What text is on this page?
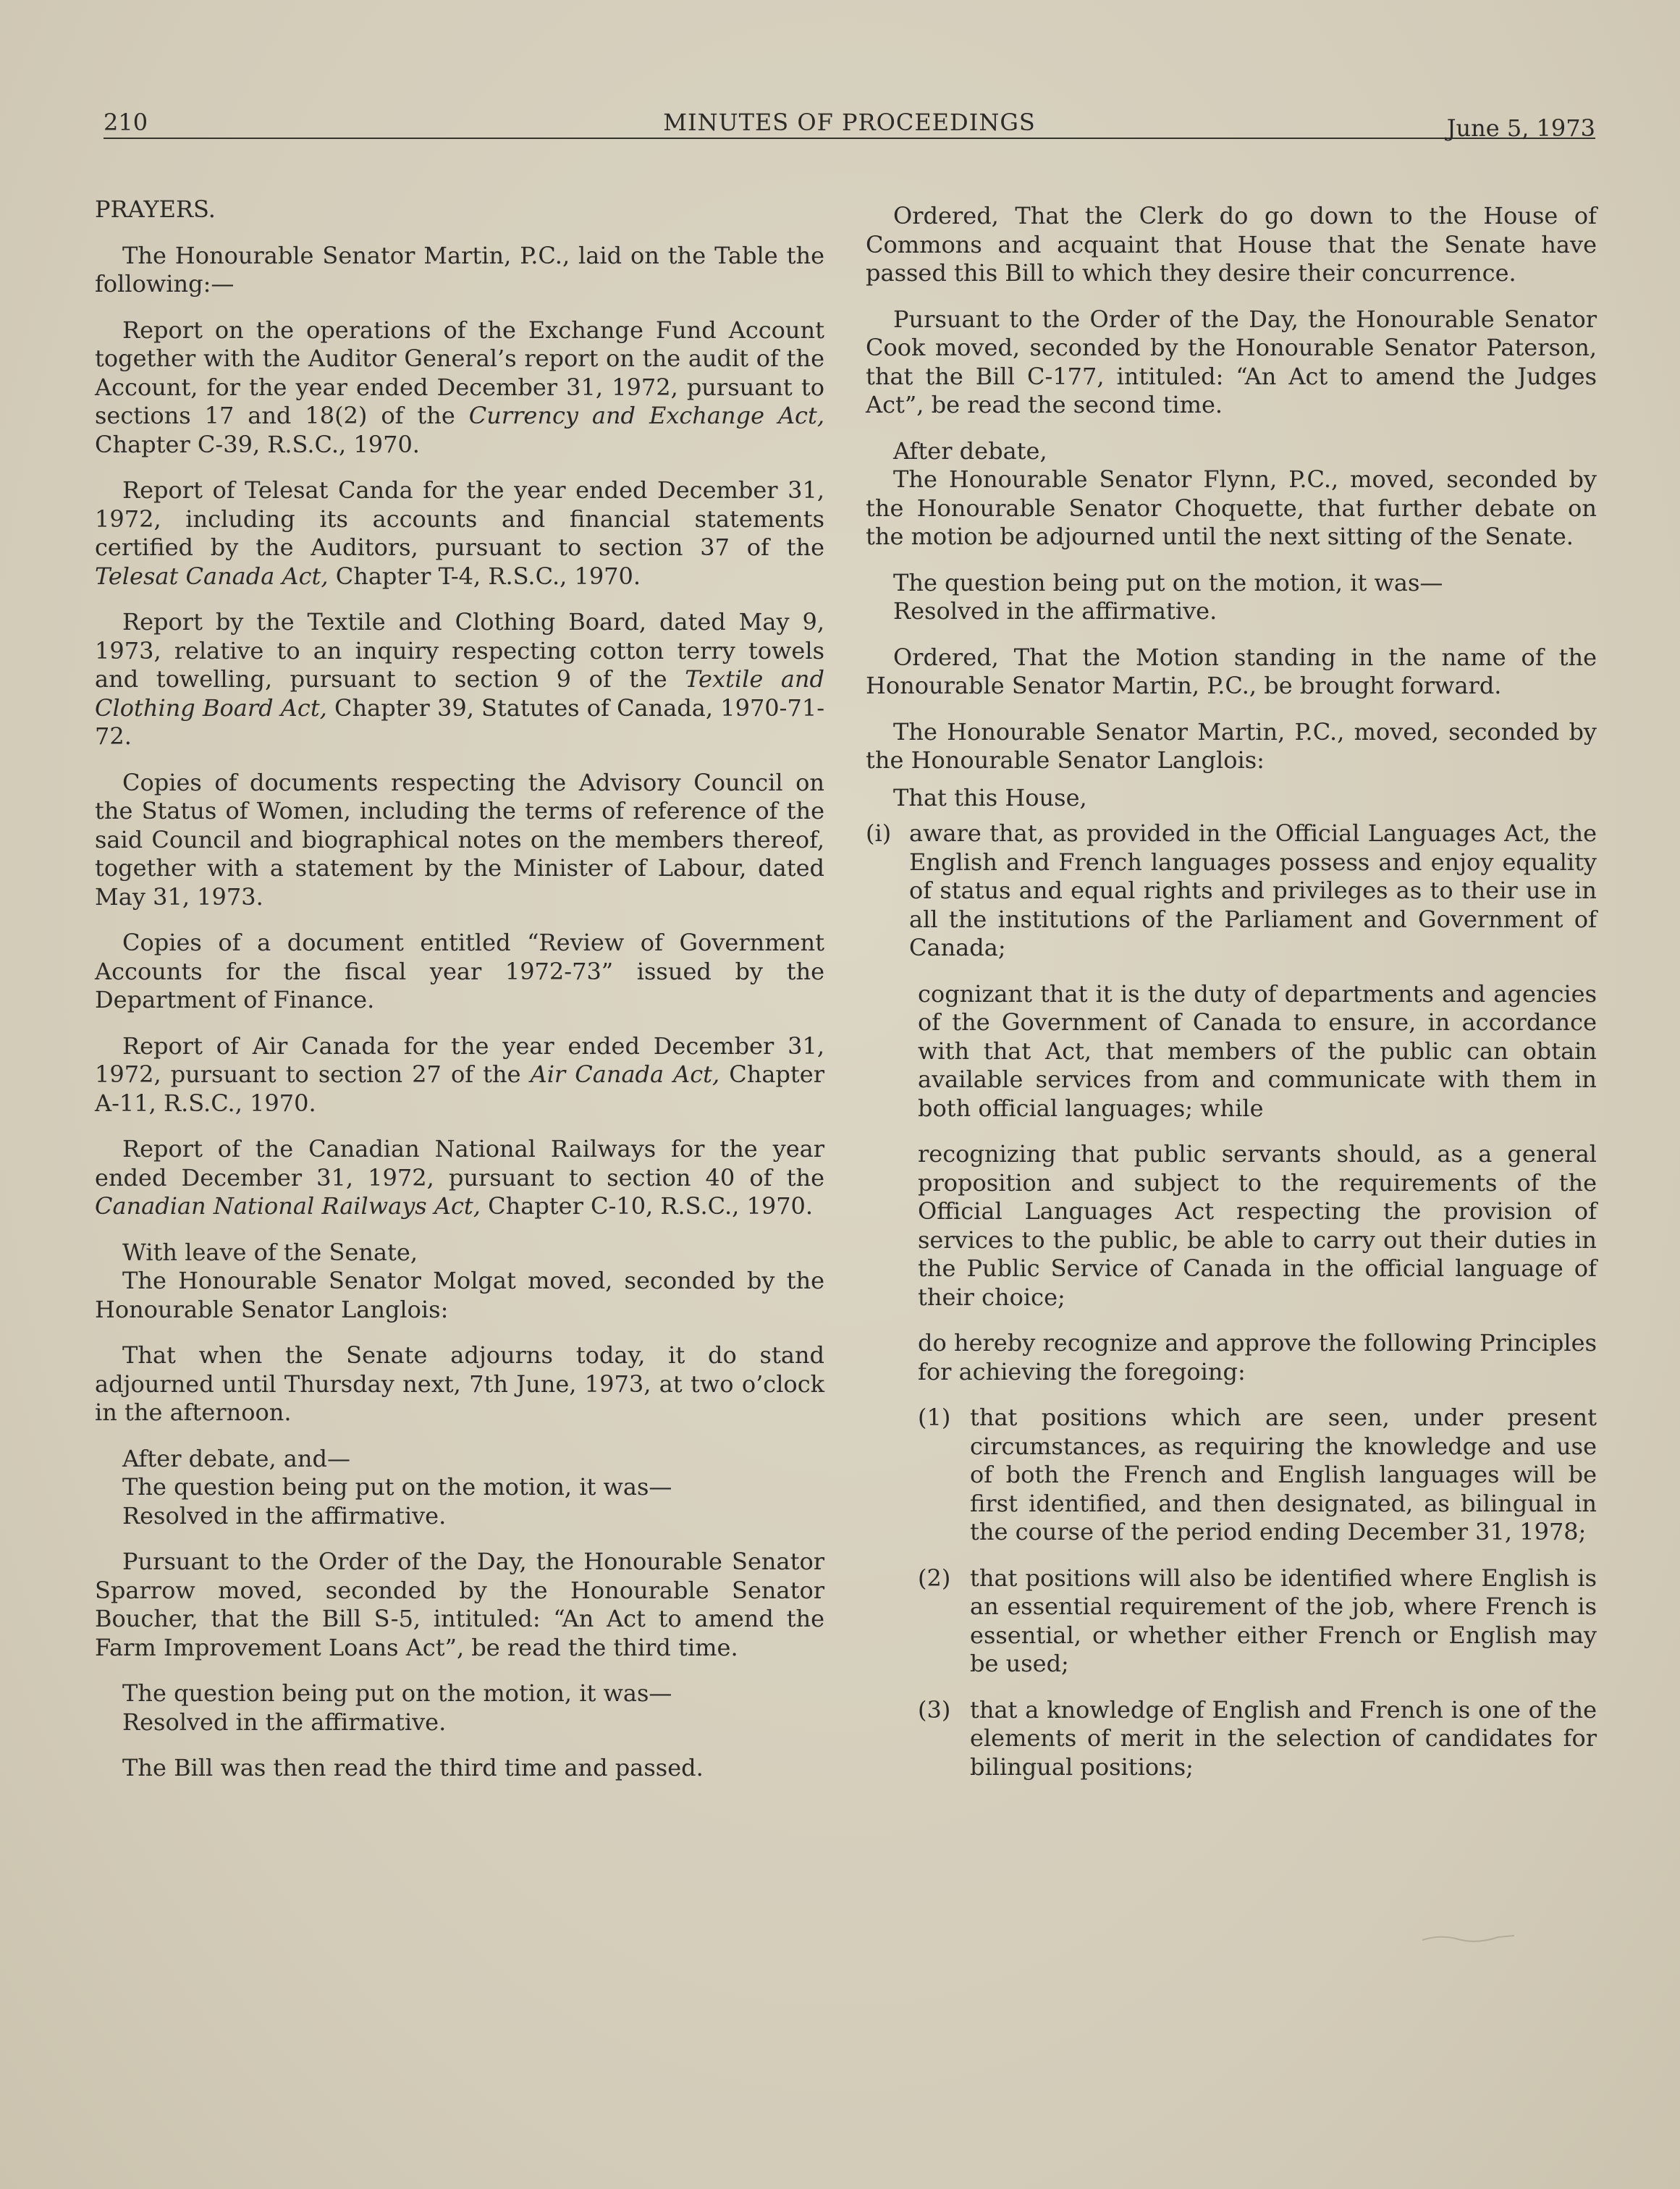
210	MINUTES OF PROCEEDINGS	June 5, 1973

PRAYERS.

The Honourable Senator Martin, P.C., laid on the Table the following:—

Report on the operations of the Exchange Fund Account together with the Auditor General’s report on the audit of the Account, for the year ended December 31, 1972, pursuant to sections 17 and 18(2) of the Currency and Exchange Act, Chapter C-39, R.S.C., 1970.

Report of Telesat Canda for the year ended December 31, 1972, including its accounts and financial statements certified by the Auditors, pursuant to section 37 of the Telesat Canada Act, Chapter T-4, R.S.C., 1970.

Report by the Textile and Clothing Board, dated May 9, 1973, relative to an inquiry respecting cotton terry towels and towelling, pursuant to section 9 of the Textile and Clothing Board Act, Chapter 39, Statutes of Canada, 1970-71-72.

Copies of documents respecting the Advisory Council on the Status of Women, including the terms of reference of the said Council and biographical notes on the members thereof, together with a statement by the Minister of Labour, dated May 31, 1973.

Copies of a document entitled “Review of Government Accounts for the fiscal year 1972-73” issued by the Department of Finance.

Report of Air Canada for the year ended December 31, 1972, pursuant to section 27 of the Air Canada Act, Chapter A-11, R.S.C., 1970.

Report of the Canadian National Railways for the year ended December 31, 1972, pursuant to section 40 of the Canadian National Railways Act, Chapter C-10, R.S.C., 1970.

With leave of the Senate,

The Honourable Senator Molgat moved, seconded by the Honourable Senator Langlois:

That when the Senate adjourns today, it do stand adjourned until Thursday next, 7th June, 1973, at two o’clock in the afternoon.

After debate, and—

The question being put on the motion, it was—

Resolved in the affirmative.

Pursuant to the Order of the Day, the Honourable Senator Sparrow moved, seconded by the Honourable Senator Boucher, that the Bill S-5, intituled: “An Act to amend the Farm Improvement Loans Act”, be read the third time.

The question being put on the motion, it was—

Resolved in the affirmative.

The Bill was then read the third time and passed.

Ordered, That the Clerk do go down to the House of Commons and acquaint that House that the Senate have passed this Bill to which they desire their concurrence.

Pursuant to the Order of the Day, the Honourable Senator Cook moved, seconded by the Honourable Senator Paterson, that the Bill C-177, intituled: “An Act to amend the Judges Act”, be read the second time.

After debate,

The Honourable Senator Flynn, P.C., moved, seconded by the Honourable Senator Choquette, that further debate on the motion be adjourned until the next sitting of the Senate.

The question being put on the motion, it was—

Resolved in the affirmative.

Ordered, That the Motion standing in the name of the Honourable Senator Martin, P.C., be brought forward.

The Honourable Senator Martin, P.C., moved, seconded by the Honourable Senator Langlois:

That this House,

(i) aware that, as provided in the Official Languages Act, the English and French languages possess and enjoy equality of status and equal rights and privileges as to their use in all the institutions of the Parliament and Government of Canada;

cognizant that it is the duty of departments and agencies of the Government of Canada to ensure, in accordance with that Act, that members of the public can obtain available services from and communicate with them in both official languages; while

recognizing that public servants should, as a general proposition and subject to the requirements of the Official Languages Act respecting the provision of services to the public, be able to carry out their duties in the Public Service of Canada in the official language of their choice;

do hereby recognize and approve the following Principles for achieving the foregoing:

(1) that positions which are seen, under present circumstances, as requiring the knowledge and use of both the French and English languages will be first identified, and then designated, as bilingual in the course of the period ending December 31, 1978;
(2) that positions will also be identified where English is an essential requirement of the job, where French is essential, or whether either French or English may be used;
(3) that a knowledge of English and French is one of the elements of merit in the selection of candidates for bilingual positions;
